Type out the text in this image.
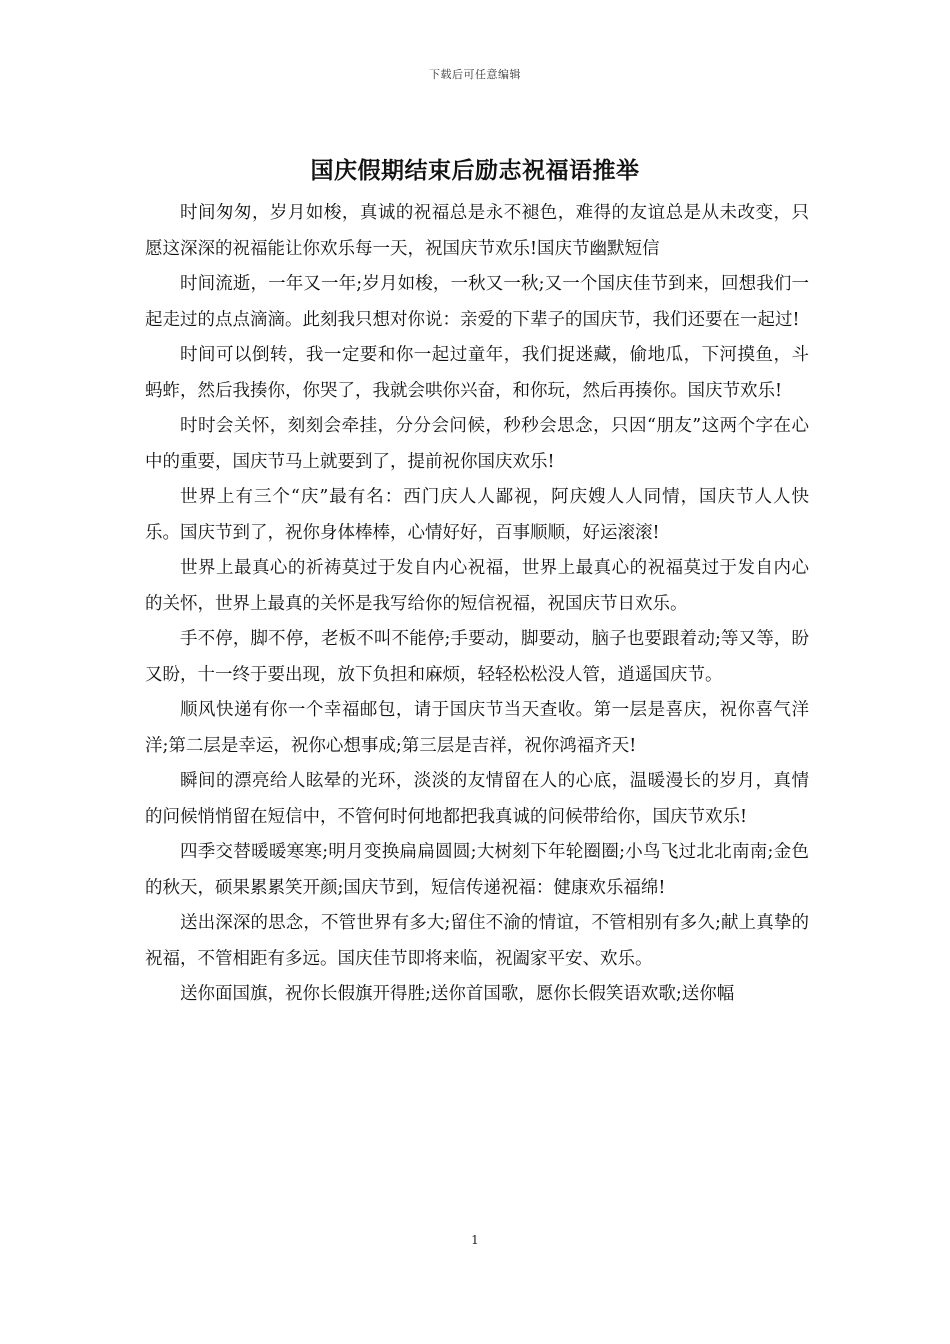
下载后可任意编辑
国庆假期结束后励志祝福语推举

时间匆匆，岁月如梭，真诚的祝福总是永不褪色，难得的友谊总是从未改变，只愿这深深的祝福能让你欢乐每一天，祝国庆节欢乐!国庆节幽默短信

时间流逝，一年又一年;岁月如梭，一秋又一秋;又一个国庆佳节到来，回想我们一起走过的点点滴滴。此刻我只想对你说：亲爱的下辈子的国庆节，我们还要在一起过!

时间可以倒转，我一定要和你一起过童年，我们捉迷藏，偷地瓜，下河摸鱼，斗蚂蚱，然后我揍你，你哭了，我就会哄你兴奋，和你玩，然后再揍你。国庆节欢乐!

时时会关怀，刻刻会牵挂，分分会问候，秒秒会思念，只因“朋友”这两个字在心中的重要，国庆节马上就要到了，提前祝你国庆欢乐!

世界上有三个“庆”最有名：西门庆人人鄙视，阿庆嫂人人同情，国庆节人人快乐。国庆节到了，祝你身体棒棒，心情好好，百事顺顺，好运滚滚!

世界上最真心的祈祷莫过于发自内心祝福，世界上最真心的祝福莫过于发自内心的关怀，世界上最真的关怀是我写给你的短信祝福，祝国庆节日欢乐。

手不停，脚不停，老板不叫不能停;手要动，脚要动，脑子也要跟着动;等又等，盼又盼，十一终于要出现，放下负担和麻烦，轻轻松松没人管，逍遥国庆节。

顺风快递有你一个幸福邮包，请于国庆节当天查收。第一层是喜庆，祝你喜气洋洋;第二层是幸运，祝你心想事成;第三层是吉祥，祝你鸿福齐天!

瞬间的漂亮给人眩晕的光环，淡淡的友情留在人的心底，温暖漫长的岁月，真情的问候悄悄留在短信中，不管何时何地都把我真诚的问候带给你，国庆节欢乐!

四季交替暖暖寒寒;明月变换扁扁圆圆;大树刻下年轮圈圈;小鸟飞过北北南南;金色的秋天，硕果累累笑开颜;国庆节到，短信传递祝福：健康欢乐福绵!

送出深深的思念，不管世界有多大;留住不渝的情谊，不管相别有多久;献上真挚的祝福，不管相距有多远。国庆佳节即将来临，祝阖家平安、欢乐。

送你面国旗，祝你长假旗开得胜;送你首国歌，愿你长假笑语欢歌;送你幅

1
